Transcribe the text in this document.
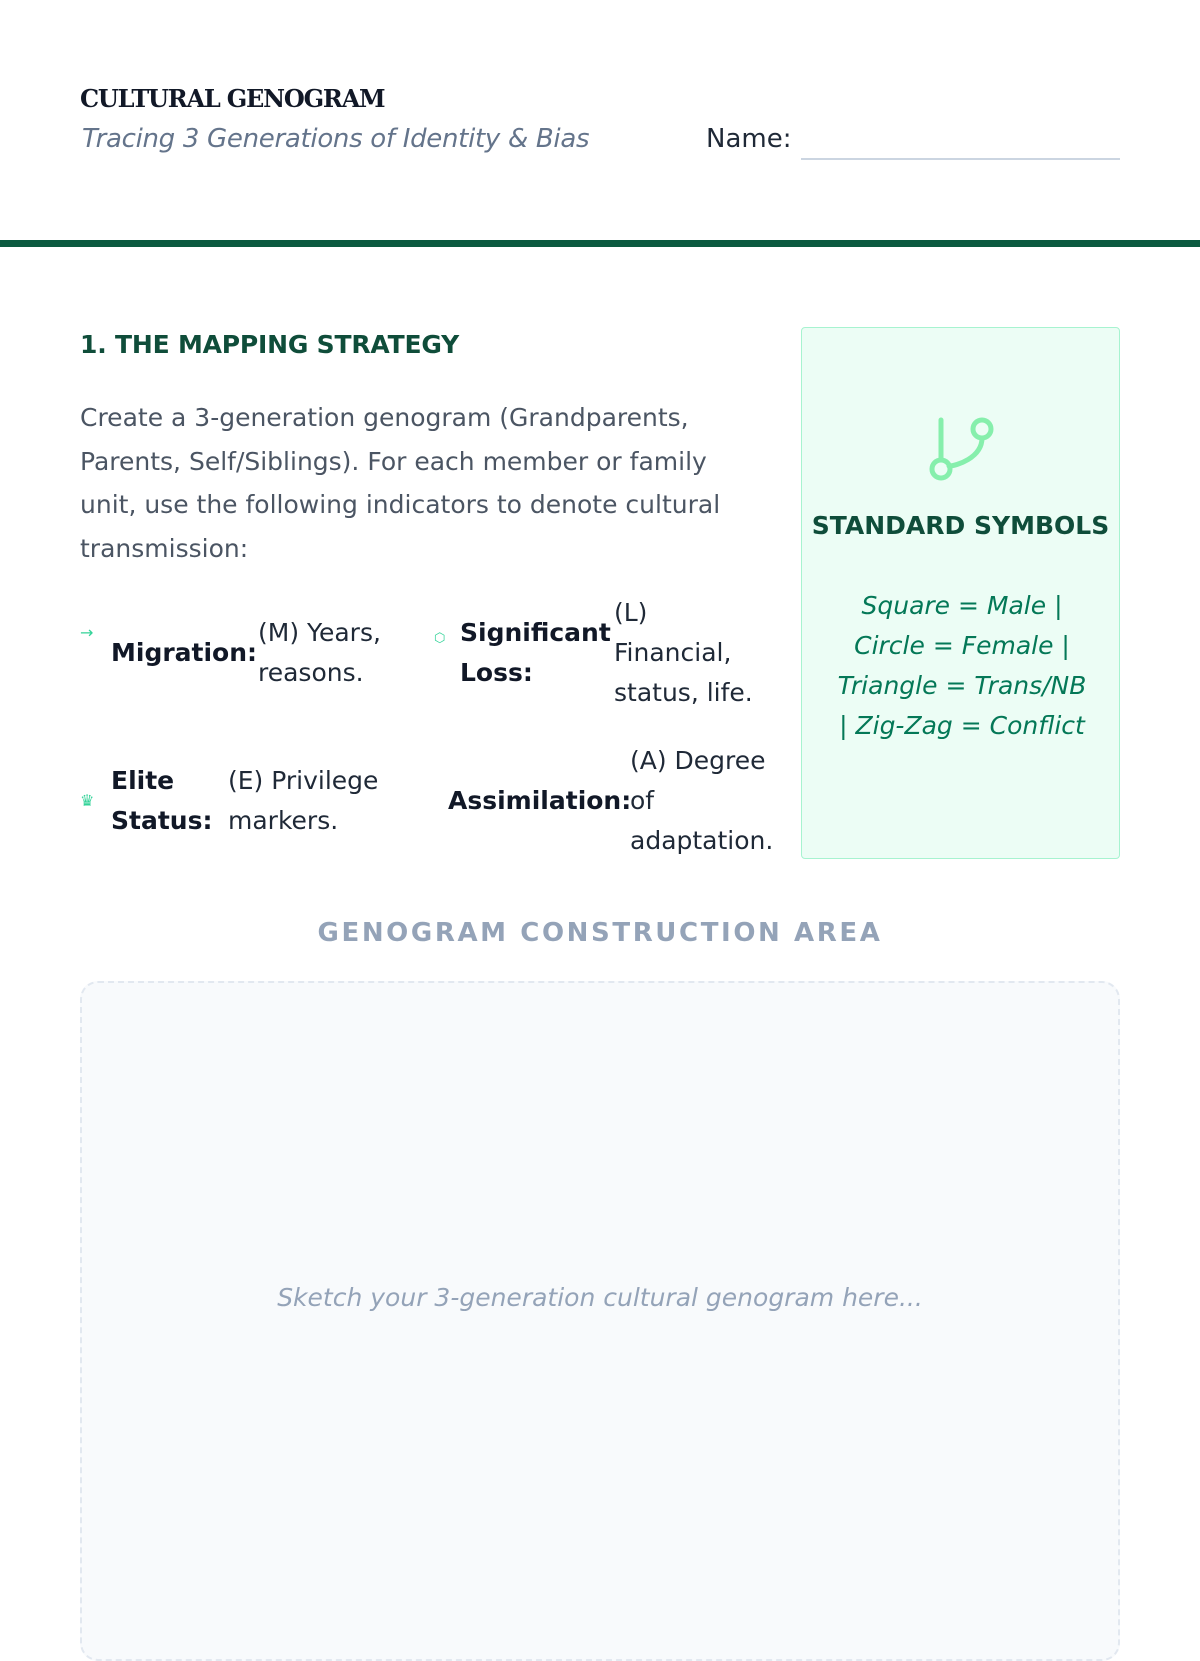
CULTURAL GENOGRAM
Tracing 3 Generations of Identity & Bias	Name:
1. THE MAPPING STRATEGY
Create a 3-generation genogram (Grandparents, Parents, Self/Siblings). For each member or family unit, use the following indicators to denote cultural transmission:
→
Migration:
(M) Years, reasons.
⬡ Significant Loss:
(L) Financial, status, life.
♛
Elite Status:
(E) Privilege markers.
Assimilation:
(A) Degree of adaptation.
STANDARD SYMBOLS
Square = Male | Circle = Female | Triangle = Trans/NB | Zig-Zag = Conflict
GENOGRAM CONSTRUCTION AREA
Sketch your 3-generation cultural genogram here...
